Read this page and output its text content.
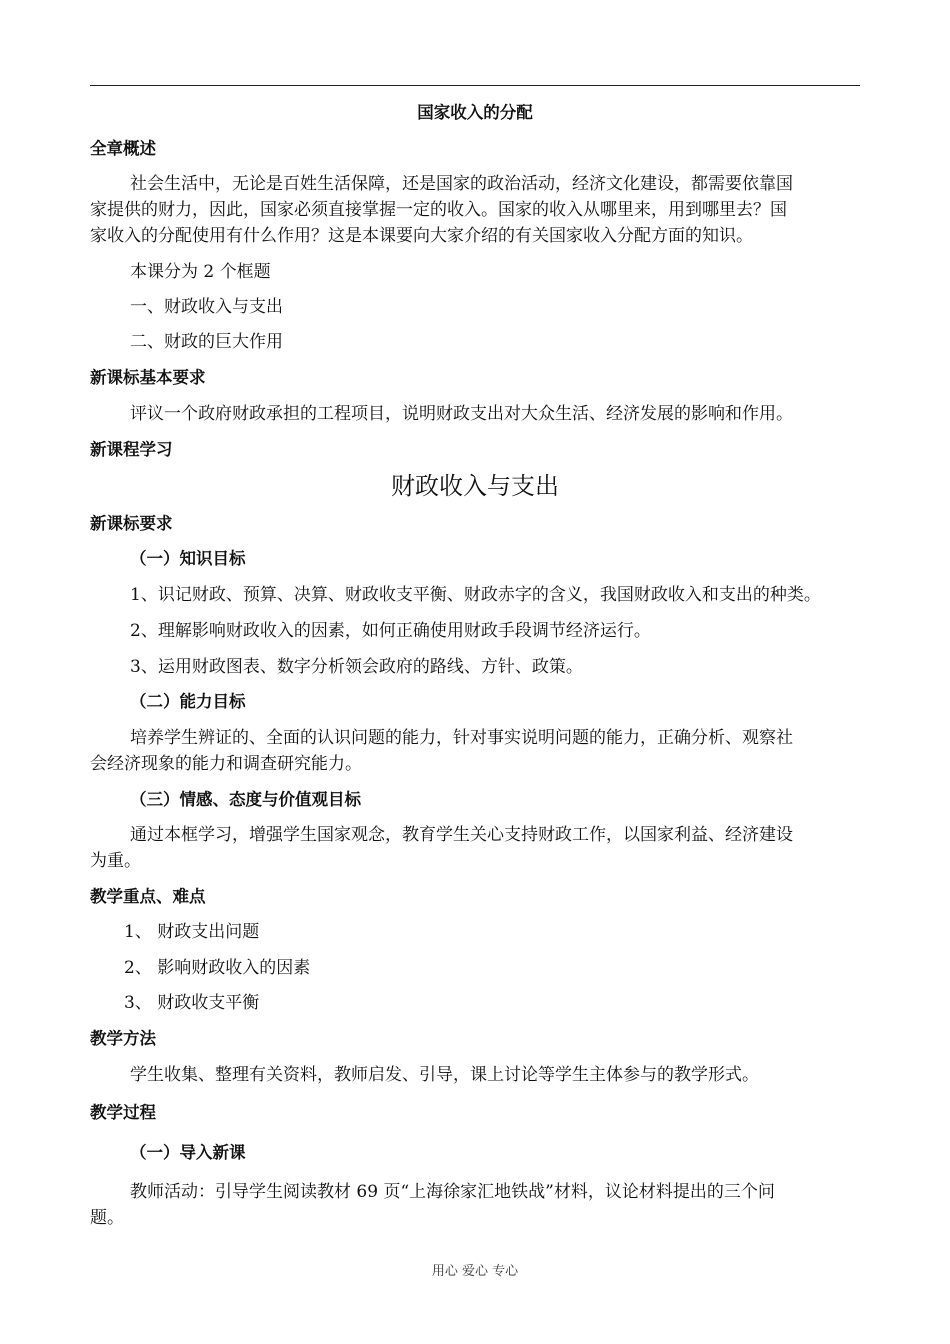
国家收入的分配
全章概述
社会生活中，无论是百姓生活保障，还是国家的政治活动，经济文化建设，都需要依靠国
家提供的财力，因此，国家必须直接掌握一定的收入。国家的收入从哪里来，用到哪里去？国
家收入的分配使用有什么作用？这是本课要向大家介绍的有关国家收入分配方面的知识。
本课分为 2 个框题
一、财政收入与支出
二、财政的巨大作用
新课标基本要求
评议一个政府财政承担的工程项目，说明财政支出对大众生活、经济发展的影响和作用。
新课程学习
财政收入与支出
新课标要求
（一）知识目标
1、识记财政、预算、决算、财政收支平衡、财政赤字的含义，我国财政收入和支出的种类。
2、理解影响财政收入的因素，如何正确使用财政手段调节经济运行。
3、运用财政图表、数字分析领会政府的路线、方针、政策。
（二）能力目标
培养学生辨证的、全面的认识问题的能力，针对事实说明问题的能力，正确分析、观察社
会经济现象的能力和调查研究能力。
（三）情感、态度与价值观目标
通过本框学习，增强学生国家观念，教育学生关心支持财政工作，以国家利益、经济建设
为重。
教学重点、难点
1、 财政支出问题
2、 影响财政收入的因素
3、 财政收支平衡
教学方法
学生收集、整理有关资料，教师启发、引导，课上讨论等学生主体参与的教学形式。
教学过程
（一）导入新课
教师活动：引导学生阅读教材 69 页“上海徐家汇地铁战”材料，议论材料提出的三个问
题。
用心 爱心 专心
